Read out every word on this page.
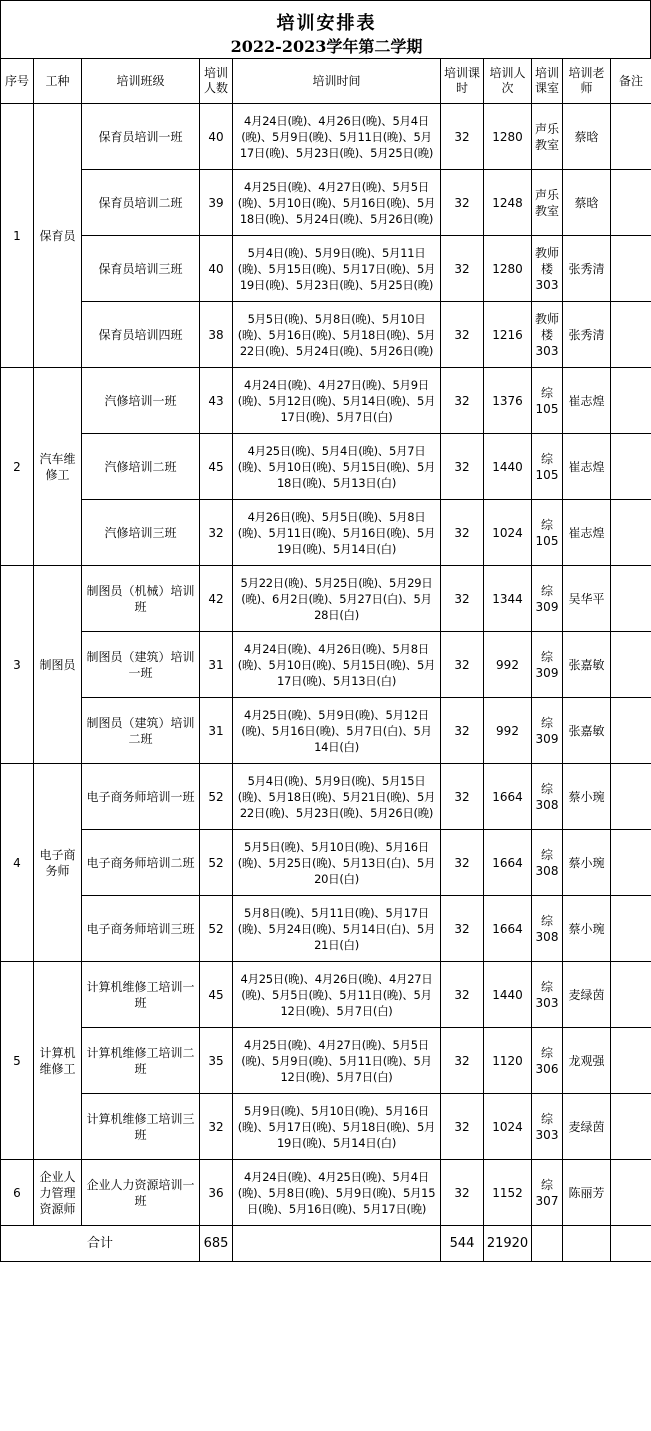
培训安排表
2022-2023学年第二学期
序号	工种	培训班级	培训人数	培训时间	培训课时	培训人次	培训课室	培训老师	备注
1	保育员	保育员培训一班	40	4月24日(晚)、4月26日(晚)、5月4日(晚)、5月9日(晚)、5月11日(晚)、5月17日(晚)、5月23日(晚)、5月25日(晚)	32	1280	声乐教室	蔡晗	
		保育员培训二班	39	4月25日(晚)、4月27日(晚)、5月5日(晚)、5月10日(晚)、5月16日(晚)、5月18日(晚)、5月24日(晚)、5月26日(晚)	32	1248	声乐教室	蔡晗	
		保育员培训三班	40	5月4日(晚)、5月9日(晚)、5月11日(晚)、5月15日(晚)、5月17日(晚)、5月19日(晚)、5月23日(晚)、5月25日(晚)	32	1280	教师楼303	张秀清	
		保育员培训四班	38	5月5日(晚)、5月8日(晚)、5月10日(晚)、5月16日(晚)、5月18日(晚)、5月22日(晚)、5月24日(晚)、5月26日(晚)	32	1216	教师楼303	张秀清	
2	汽车维修工	汽修培训一班	43	4月24日(晚)、4月27日(晚)、5月9日(晚)、5月12日(晚)、5月14日(晚)、5月17日(晚)、5月7日(白)	32	1376	综105	崔志煌	
		汽修培训二班	45	4月25日(晚)、5月4日(晚)、5月7日(晚)、5月10日(晚)、5月15日(晚)、5月18日(晚)、5月13日(白)	32	1440	综105	崔志煌	
		汽修培训三班	32	4月26日(晚)、5月5日(晚)、5月8日(晚)、5月11日(晚)、5月16日(晚)、5月19日(晚)、5月14日(白)	32	1024	综105	崔志煌	
3	制图员	制图员（机械）培训班	42	5月22日(晚)、5月25日(晚)、5月29日(晚)、6月2日(晚)、5月27日(白)、5月28日(白)	32	1344	综309	吴华平	
		制图员（建筑）培训一班	31	4月24日(晚)、4月26日(晚)、5月8日(晚)、5月10日(晚)、5月15日(晚)、5月17日(晚)、5月13日(白)	32	992	综309	张嘉敏	
		制图员（建筑）培训二班	31	4月25日(晚)、5月9日(晚)、5月12日(晚)、5月16日(晚)、5月7日(白)、5月14日(白)	32	992	综309	张嘉敏	
4	电子商务师	电子商务师培训一班	52	5月4日(晚)、5月9日(晚)、5月15日(晚)、5月18日(晚)、5月21日(晚)、5月22日(晚)、5月23日(晚)、5月26日(晚)	32	1664	综308	蔡小琬	
		电子商务师培训二班	52	5月5日(晚)、5月10日(晚)、5月16日(晚)、5月25日(晚)、5月13日(白)、5月20日(白)	32	1664	综308	蔡小琬	
		电子商务师培训三班	52	5月8日(晚)、5月11日(晚)、5月17日(晚)、5月24日(晚)、5月14日(白)、5月21日(白)	32	1664	综308	蔡小琬	
5	计算机维修工	计算机维修工培训一班	45	4月25日(晚)、4月26日(晚)、4月27日(晚)、5月5日(晚)、5月11日(晚)、5月12日(晚)、5月7日(白)	32	1440	综303	麦绿茵	
		计算机维修工培训二班	35	4月25日(晚)、4月27日(晚)、5月5日(晚)、5月9日(晚)、5月11日(晚)、5月12日(晚)、5月7日(白)	32	1120	综306	龙观强	
		计算机维修工培训三班	32	5月9日(晚)、5月10日(晚)、5月16日(晚)、5月17日(晚)、5月18日(晚)、5月19日(晚)、5月14日(白)	32	1024	综303	麦绿茵	
6	企业人力管理资源师	企业人力资源培训一班	36	4月24日(晚)、4月25日(晚)、5月4日(晚)、5月8日(晚)、5月9日(晚)、5月15日(晚)、5月16日(晚)、5月17日(晚)	32	1152	综307	陈丽芳	
合计			685		544	21920			
